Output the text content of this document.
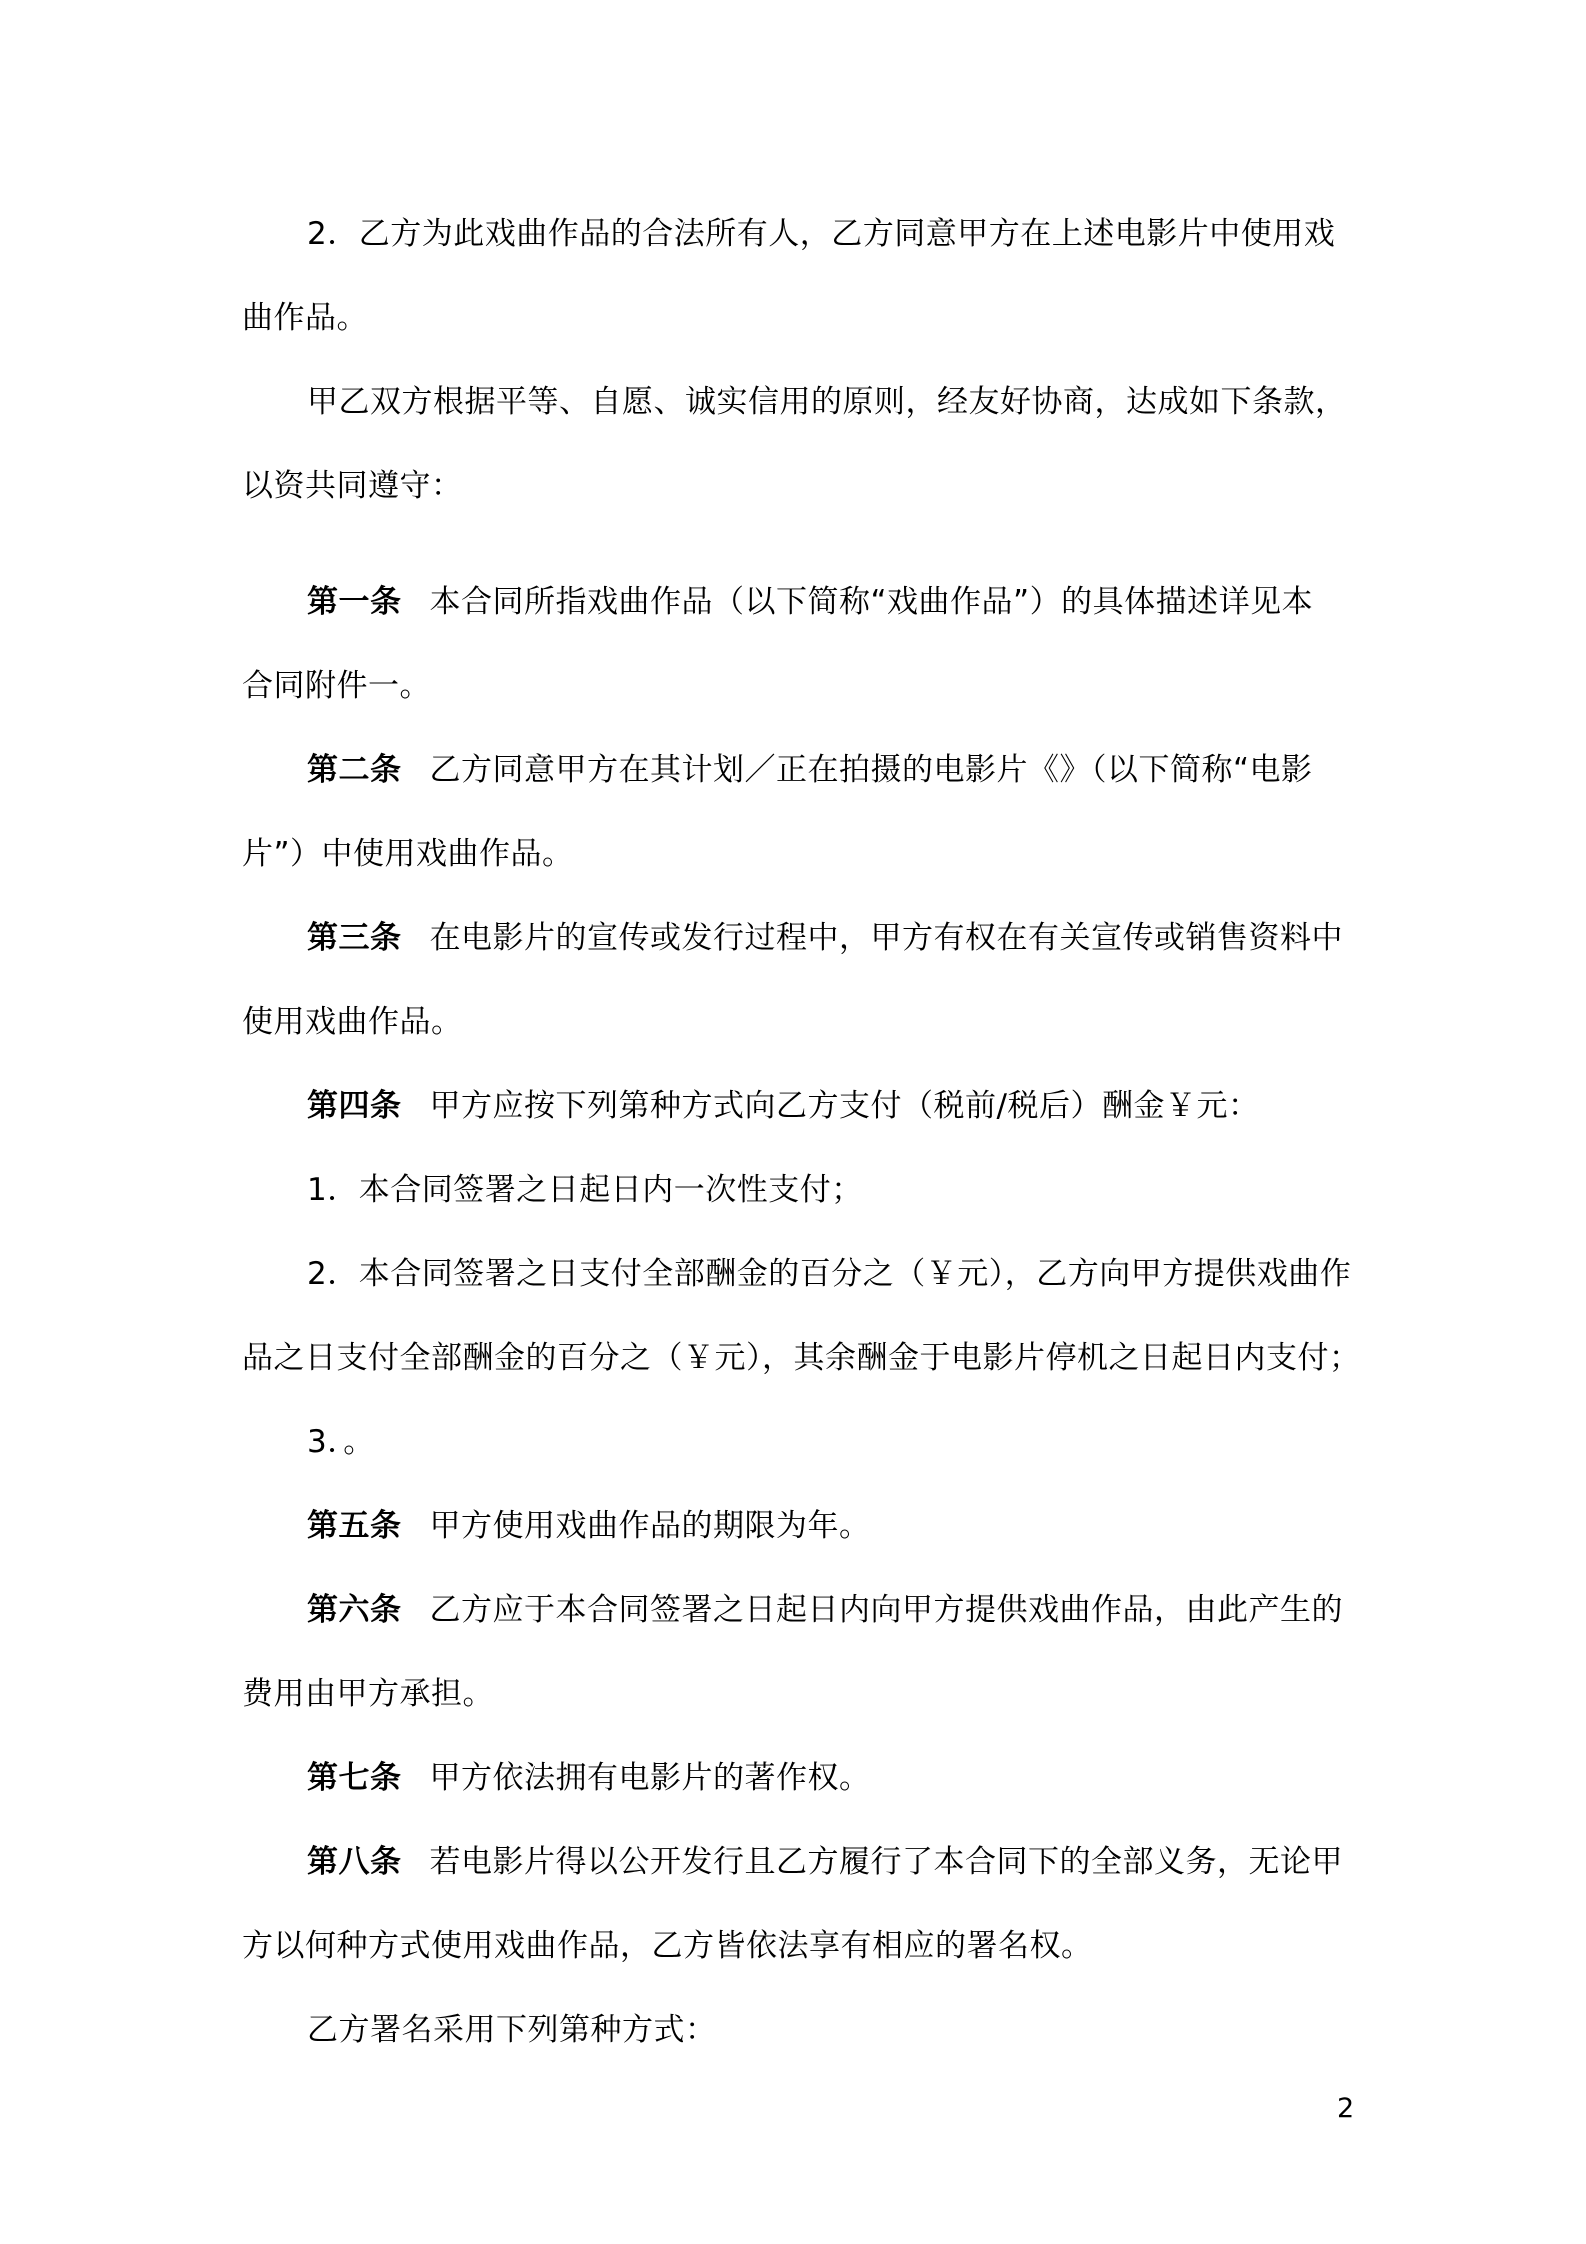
2．乙方为此戏曲作品的合法所有人，乙方同意甲方在上述电影片中使用戏
曲作品。
甲乙双方根据平等、自愿、诚实信用的原则，经友好协商，达成如下条款，
以资共同遵守：
第一条 本合同所指戏曲作品（以下简称“戏曲作品”）的具体描述详见本
合同附件一。
第二条 乙方同意甲方在其计划／正在拍摄的电影片《》（以下简称“电影
片”）中使用戏曲作品。
第三条 在电影片的宣传或发行过程中，甲方有权在有关宣传或销售资料中
使用戏曲作品。
第四条 甲方应按下列第种方式向乙方支付（税前/税后）酬金￥元：
1．本合同签署之日起日内一次性支付；
2．本合同签署之日支付全部酬金的百分之（￥元），乙方向甲方提供戏曲作
品之日支付全部酬金的百分之（￥元），其余酬金于电影片停机之日起日内支付；
3．。
第五条 甲方使用戏曲作品的期限为年。
第六条 乙方应于本合同签署之日起日内向甲方提供戏曲作品，由此产生的
费用由甲方承担。
第七条 甲方依法拥有电影片的著作权。
第八条 若电影片得以公开发行且乙方履行了本合同下的全部义务，无论甲
方以何种方式使用戏曲作品，乙方皆依法享有相应的署名权。
乙方署名采用下列第种方式：
2
